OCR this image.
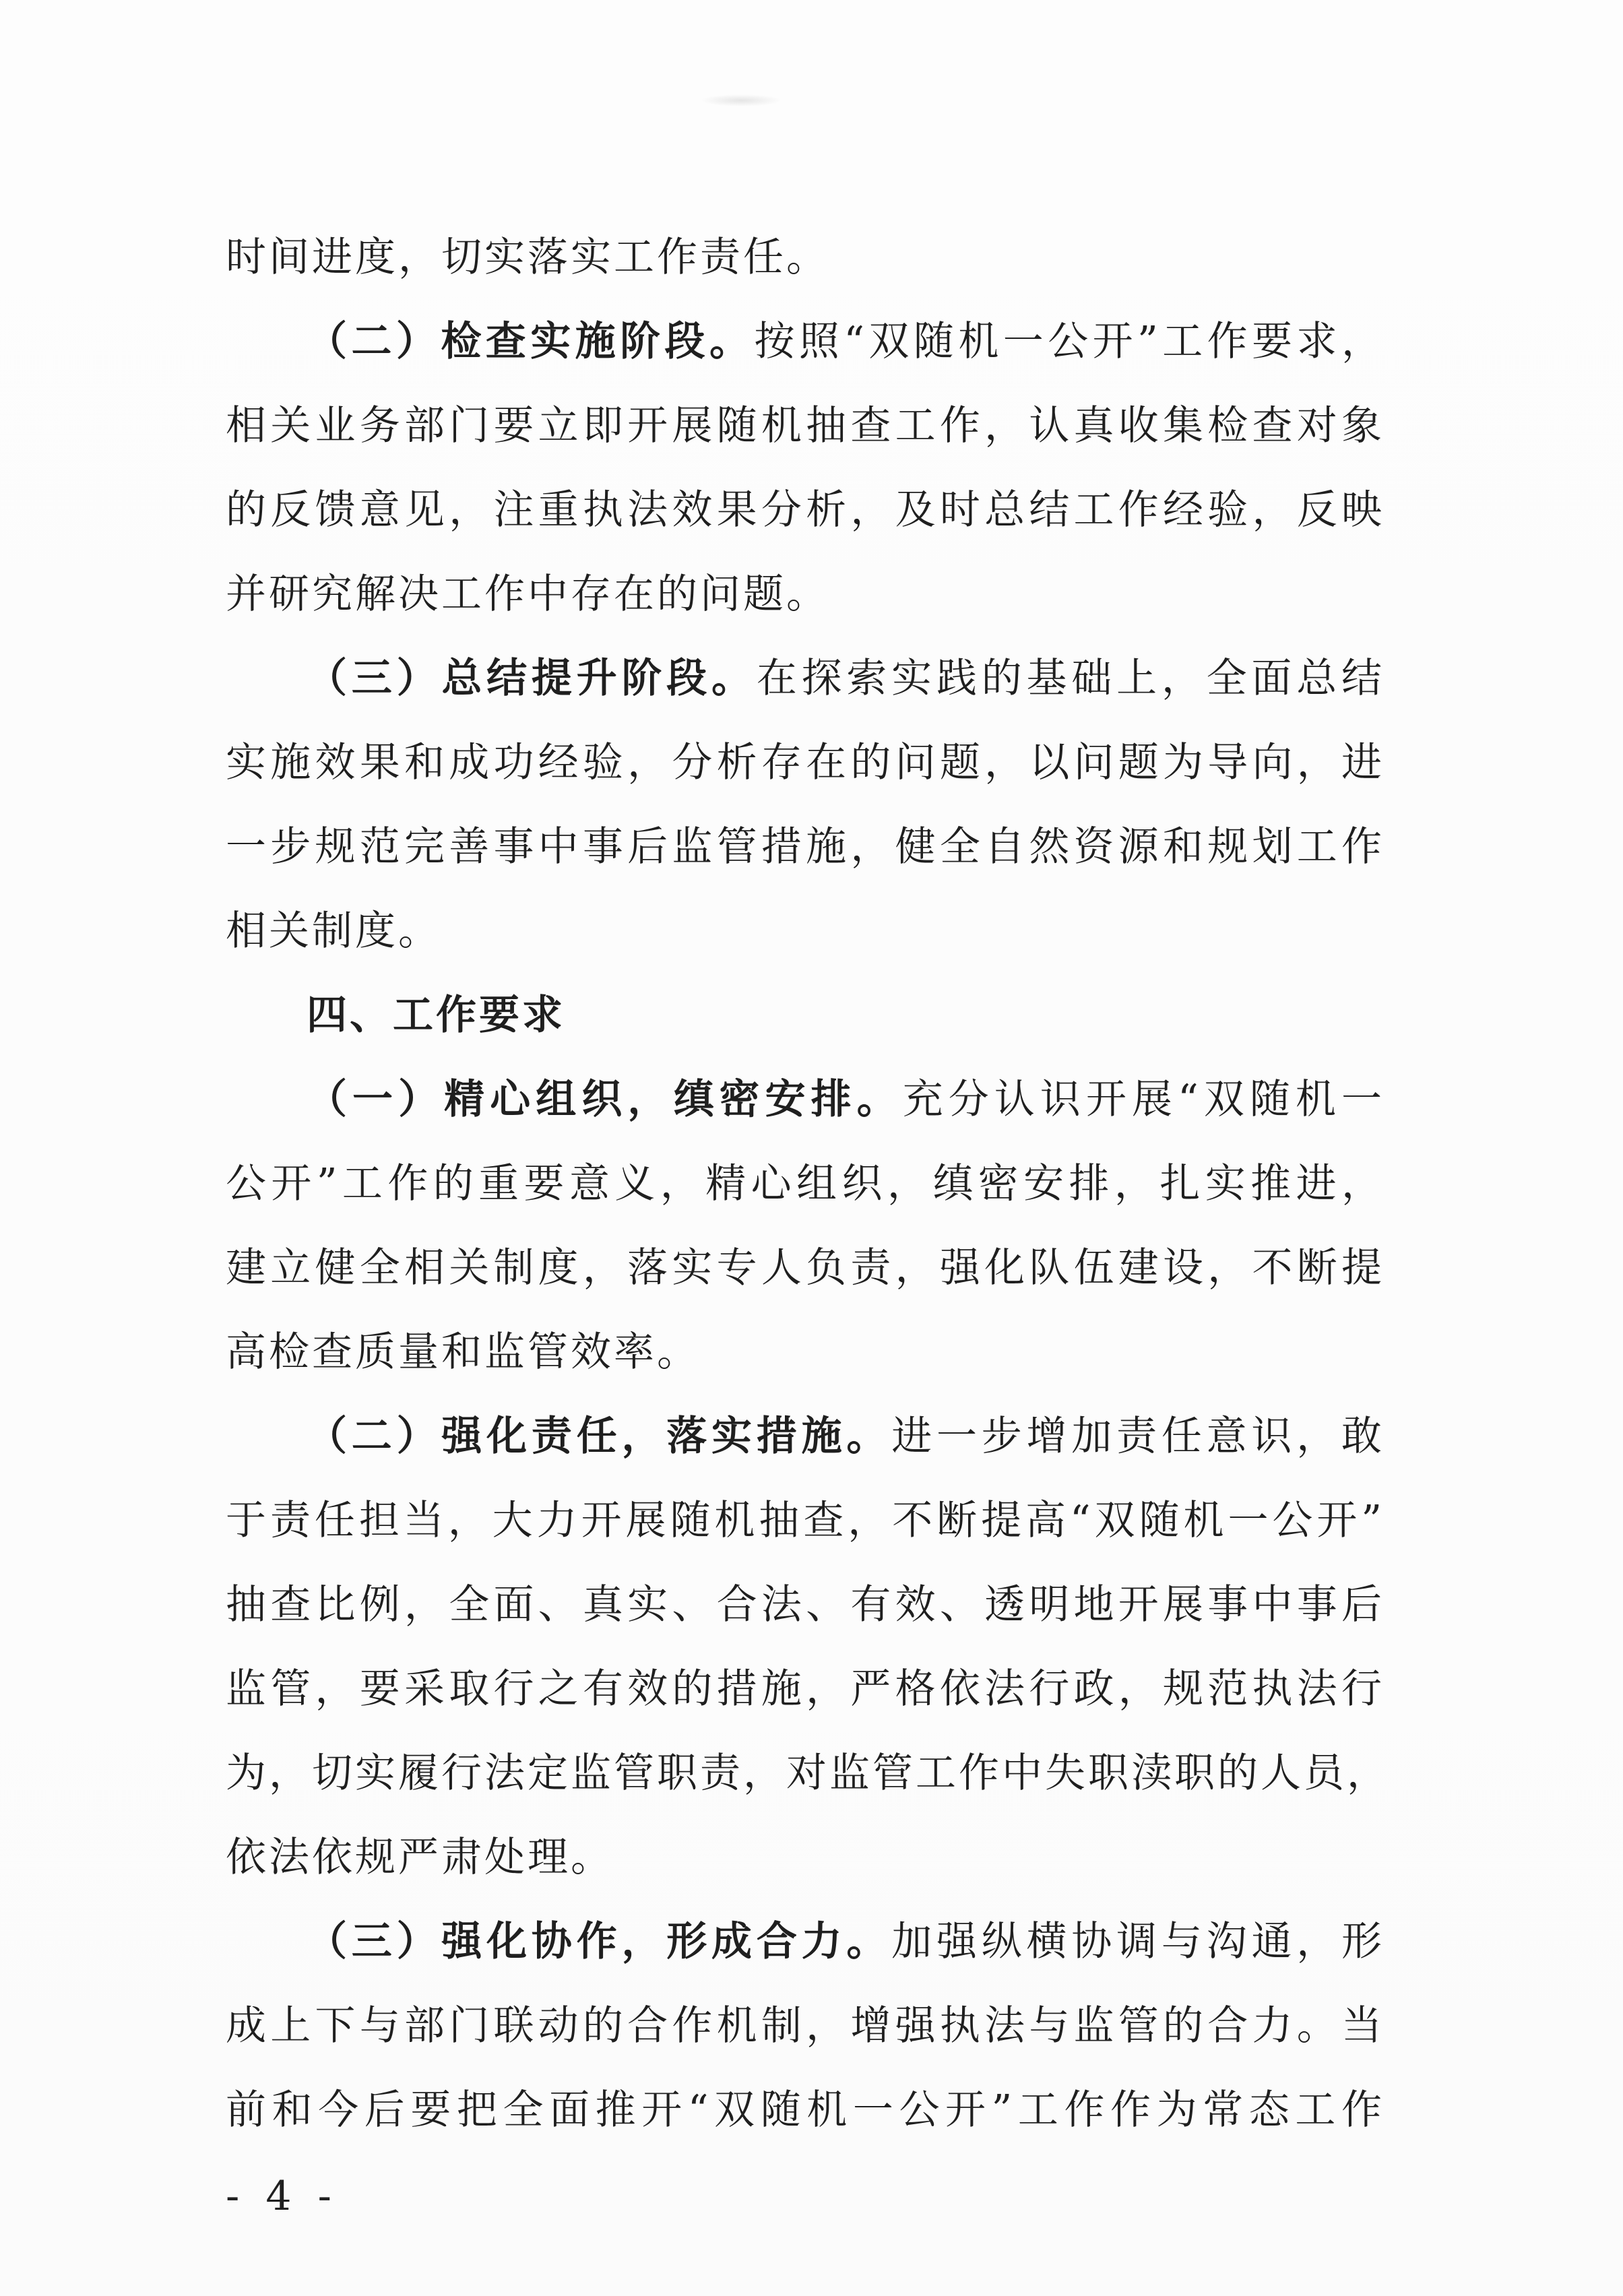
时间进度，切实落实工作责任。
（二）检查实施阶段。按照“双随机一公开”工作要求，
相关业务部门要立即开展随机抽查工作，认真收集检查对象
的反馈意见，注重执法效果分析，及时总结工作经验，反映
并研究解决工作中存在的问题。
（三）总结提升阶段。在探索实践的基础上，全面总结
实施效果和成功经验，分析存在的问题，以问题为导向，进
一步规范完善事中事后监管措施，健全自然资源和规划工作
相关制度。
四、工作要求
（一）精心组织，缜密安排。充分认识开展“双随机一
公开”工作的重要意义，精心组织，缜密安排，扎实推进，
建立健全相关制度，落实专人负责，强化队伍建设，不断提
高检查质量和监管效率。
（二）强化责任，落实措施。进一步增加责任意识，敢
于责任担当，大力开展随机抽查，不断提高“双随机一公开”
抽查比例，全面、真实、合法、有效、透明地开展事中事后
监管，要采取行之有效的措施，严格依法行政，规范执法行
为，切实履行法定监管职责，对监管工作中失职渎职的人员，
依法依规严肃处理。
（三）强化协作，形成合力。加强纵横协调与沟通，形
成上下与部门联动的合作机制，增强执法与监管的合力。当
前和今后要把全面推开“双随机一公开”工作作为常态工作
- 4 -
